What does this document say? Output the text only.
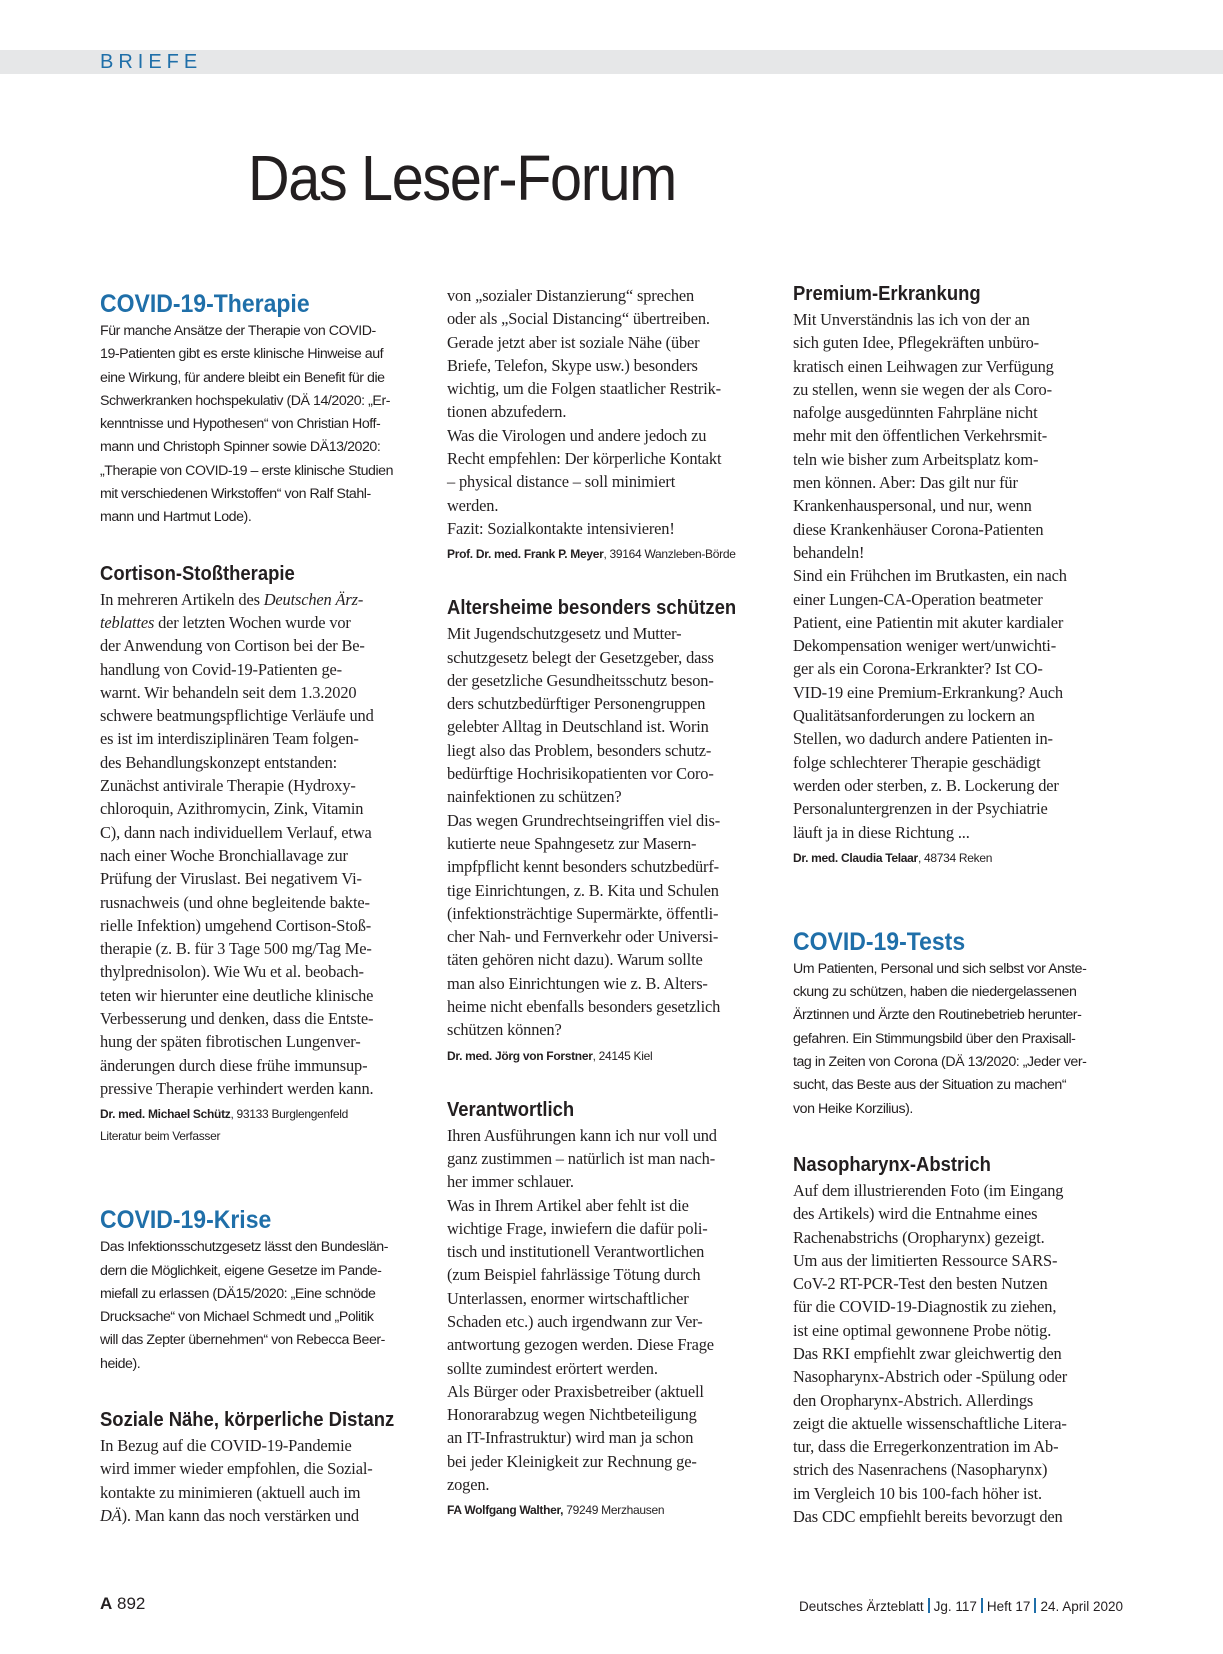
BRIEFE
Das Leser-Forum
COVID-19-Therapie
Für manche Ansätze der Therapie von COVID-
19-Patienten gibt es erste klinische Hinweise auf
eine Wirkung, für andere bleibt ein Benefit für die
Schwerkranken hochspekulativ (DÄ 14/2020: „Er-
kenntnisse und Hypothesen“ von Christian Hoff-
mann und Christoph Spinner sowie DÄ13/2020:
„Therapie von COVID-19 – erste klinische Studien
mit verschiedenen Wirkstoffen“ von Ralf Stahl-
mann und Hartmut Lode).
Cortison-Stoßtherapie
In mehreren Artikeln des Deutschen Ärz-
teblattes der letzten Wochen wurde vor
der Anwendung von Cortison bei der Be-
handlung von Covid-19-Patienten ge-
warnt. Wir behandeln seit dem 1.3.2020
schwere beatmungspflichtige Verläufe und
es ist im interdisziplinären Team folgen-
des Behandlungskonzept entstanden:
Zunächst antivirale Therapie (Hydroxy-
chloroquin, Azithromycin, Zink, Vitamin
C), dann nach individuellem Verlauf, etwa
nach einer Woche Bronchiallavage zur
Prüfung der Viruslast. Bei negativem Vi-
rusnachweis (und ohne begleitende bakte-
rielle Infektion) umgehend Cortison-Stoß-
therapie (z. B. für 3 Tage 500 mg/Tag Me-
thylprednisolon). Wie Wu et al. beobach-
teten wir hierunter eine deutliche klinische
Verbesserung und denken, dass die Entste-
hung der späten fibrotischen Lungenver-
änderungen durch diese frühe immunsup-
pressive Therapie verhindert werden kann.
Dr. med. Michael Schütz, 93133 Burglengenfeld
Literatur beim Verfasser
COVID-19-Krise
Das Infektionsschutzgesetz lässt den Bundeslän-
dern die Möglichkeit, eigene Gesetze im Pande-
miefall zu erlassen (DÄ15/2020: „Eine schnöde
Drucksache“ von Michael Schmedt und „Politik
will das Zepter übernehmen“ von Rebecca Beer-
heide).
Soziale Nähe, körperliche Distanz
In Bezug auf die COVID-19-Pandemie
wird immer wieder empfohlen, die Sozial-
kontakte zu minimieren (aktuell auch im
DÄ). Man kann das noch verstärken und
von „sozialer Distanzierung“ sprechen
oder als „Social Distancing“ übertreiben.
Gerade jetzt aber ist soziale Nähe (über
Briefe, Telefon, Skype usw.) besonders
wichtig, um die Folgen staatlicher Restrik-
tionen abzufedern.
Was die Virologen und andere jedoch zu
Recht empfehlen: Der körperliche Kontakt
– physical distance – soll minimiert
werden.
Fazit: Sozialkontakte intensivieren!
Prof. Dr. med. Frank P. Meyer, 39164 Wanzleben-Börde
Altersheime besonders schützen
Mit Jugendschutzgesetz und Mutter-
schutzgesetz belegt der Gesetzgeber, dass
der gesetzliche Gesundheitsschutz beson-
ders schutzbedürftiger Personengruppen
gelebter Alltag in Deutschland ist. Worin
liegt also das Problem, besonders schutz-
bedürftige Hochrisikopatienten vor Coro-
nainfektionen zu schützen?
Das wegen Grundrechtseingriffen viel dis-
kutierte neue Spahngesetz zur Masern-
impfpflicht kennt besonders schutzbedürf-
tige Einrichtungen, z. B. Kita und Schulen
(infektionsträchtige Supermärkte, öffentli-
cher Nah- und Fernverkehr oder Universi-
täten gehören nicht dazu). Warum sollte
man also Einrichtungen wie z. B. Alters-
heime nicht ebenfalls besonders gesetzlich
schützen können?
Dr. med. Jörg von Forstner, 24145 Kiel
Verantwortlich
Ihren Ausführungen kann ich nur voll und
ganz zustimmen – natürlich ist man nach-
her immer schlauer.
Was in Ihrem Artikel aber fehlt ist die
wichtige Frage, inwiefern die dafür poli-
tisch und institutionell Verantwortlichen
(zum Beispiel fahrlässige Tötung durch
Unterlassen, enormer wirtschaftlicher
Schaden etc.) auch irgendwann zur Ver-
antwortung gezogen werden. Diese Frage
sollte zumindest erörtert werden.
Als Bürger oder Praxisbetreiber (aktuell
Honorarabzug wegen Nichtbeteiligung
an IT-Infrastruktur) wird man ja schon
bei jeder Kleinigkeit zur Rechnung ge-
zogen.
FA Wolfgang Walther, 79249 Merzhausen
Premium-Erkrankung
Mit Unverständnis las ich von der an
sich guten Idee, Pflegekräften unbüro-
kratisch einen Leihwagen zur Verfügung
zu stellen, wenn sie wegen der als Coro-
nafolge ausgedünnten Fahrpläne nicht
mehr mit den öffentlichen Verkehrsmit-
teln wie bisher zum Arbeitsplatz kom-
men können. Aber: Das gilt nur für
Krankenhauspersonal, und nur, wenn
diese Krankenhäuser Corona-Patienten
behandeln!
Sind ein Frühchen im Brutkasten, ein nach
einer Lungen-CA-Operation beatmeter
Patient, eine Patientin mit akuter kardialer
Dekompensation weniger wert/unwichti-
ger als ein Corona-Erkrankter? Ist CO-
VID-19 eine Premium-Erkrankung? Auch
Qualitätsanforderungen zu lockern an
Stellen, wo dadurch andere Patienten in-
folge schlechterer Therapie geschädigt
werden oder sterben, z. B. Lockerung der
Personaluntergrenzen in der Psychiatrie
läuft ja in diese Richtung ...
Dr. med. Claudia Telaar, 48734 Reken
COVID-19-Tests
Um Patienten, Personal und sich selbst vor Anste-
ckung zu schützen, haben die niedergelassenen
Ärztinnen und Ärzte den Routinebetrieb herunter-
gefahren. Ein Stimmungsbild über den Praxisall-
tag in Zeiten von Corona (DÄ 13/2020: „Jeder ver-
sucht, das Beste aus der Situation zu machen“
von Heike Korzilius).
Nasopharynx-Abstrich
Auf dem illustrierenden Foto (im Eingang
des Artikels) wird die Entnahme eines
Rachenabstrichs (Oropharynx) gezeigt.
Um aus der limitierten Ressource SARS-
CoV-2 RT-PCR-Test den besten Nutzen
für die COVID-19-Diagnostik zu ziehen,
ist eine optimal gewonnene Probe nötig.
Das RKI empfiehlt zwar gleichwertig den
Nasopharynx-Abstrich oder -Spülung oder
den Oropharynx-Abstrich. Allerdings
zeigt die aktuelle wissenschaftliche Litera-
tur, dass die Erregerkonzentration im Ab-
strich des Nasenrachens (Nasopharynx)
im Vergleich 10 bis 100-fach höher ist.
Das CDC empfiehlt bereits bevorzugt den
A 892	Deutsches Ärzteblatt Jg. 117 Heft 17 24. April 2020
